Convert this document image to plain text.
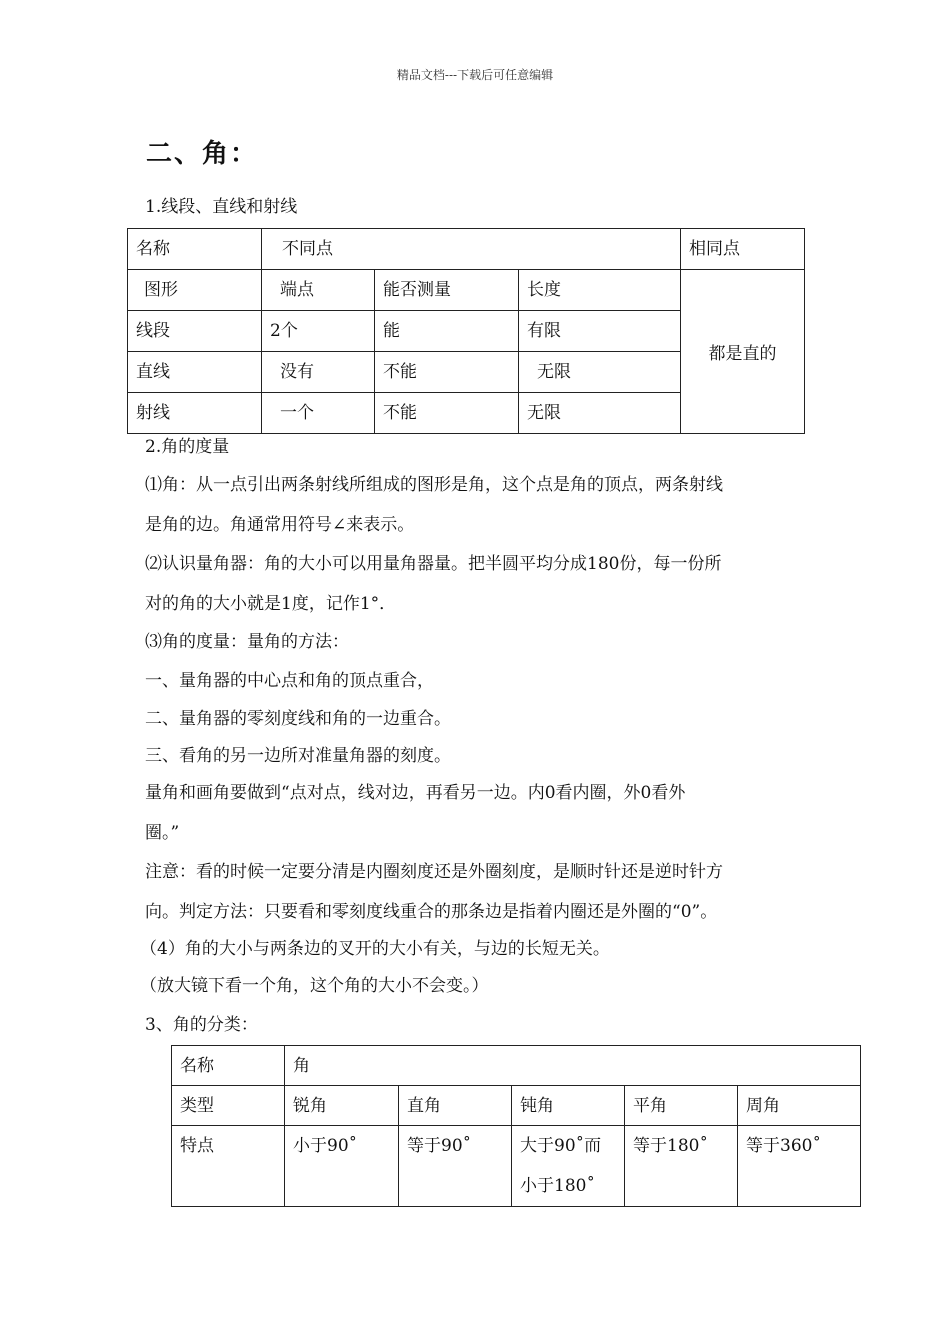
精品文档---下载后可任意编辑
二、角：
1.线段、直线和射线
名称	不同点			相同点
图形	端点	能否测量	长度	都是直的
线段	2个	能	有限	
直线	没有	不能	无限	
射线	一个	不能	无限	
2.角的度量
⑴角：从一点引出两条射线所组成的图形是角，这个点是角的顶点，两条射线
是角的边。角通常用符号∠来表示。
⑵认识量角器：角的大小可以用量角器量。把半圆平均分成180份，每一份所
对的角的大小就是1度，记作1°．
⑶角的度量：量角的方法：
一、量角器的中心点和角的顶点重合，
二、量角器的零刻度线和角的一边重合。
三、看角的另一边所对准量角器的刻度。
量角和画角要做到“点对点，线对边，再看另一边。内0看内圈，外0看外
圈。”
注意：看的时候一定要分清是内圈刻度还是外圈刻度，是顺时针还是逆时针方
向。判定方法：只要看和零刻度线重合的那条边是指着内圈还是外圈的“0”。
（4）角的大小与两条边的叉开的大小有关，与边的长短无关。
（放大镜下看一个角，这个角的大小不会变。）
3、角的分类：
名称	角				
类型	锐角	直角	钝角	平角	周角
特点	小于90˚	等于90˚	大于90˚而小于180˚	等于180˚	等于360˚
